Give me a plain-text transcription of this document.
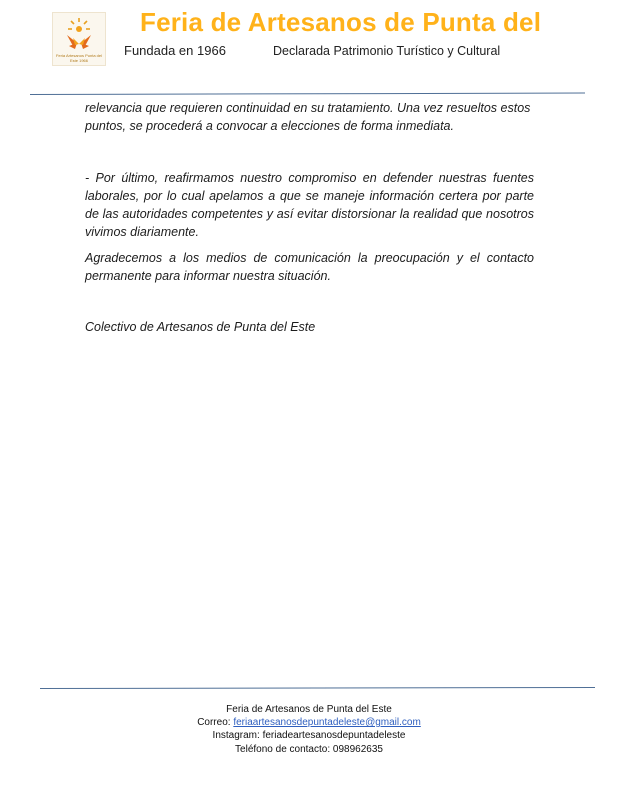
Feria Artesanos Punta del Este 1966
Feria de Artesanos de Punta del
Fundada en 1966	Declarada Patrimonio Turístico y Cultural
relevancia que requieren continuidad en su tratamiento. Una vez resueltos estos puntos, se procederá a convocar a elecciones de forma inmediata.
- Por último, reafirmamos nuestro compromiso en defender nuestras fuentes laborales, por lo cual apelamos a que se maneje información certera por parte de las autoridades competentes y así evitar distorsionar la realidad que nosotros vivimos diariamente.
Agradecemos a los medios de comunicación la preocupación y el contacto permanente para informar nuestra situación.
Colectivo de Artesanos de Punta del Este
Feria de Artesanos de Punta del Este
Correo: feriaartesanosdepuntadeleste@gmail.com
Instagram: feriadeartesanosdepuntadeleste
Teléfono de contacto: 098962635
